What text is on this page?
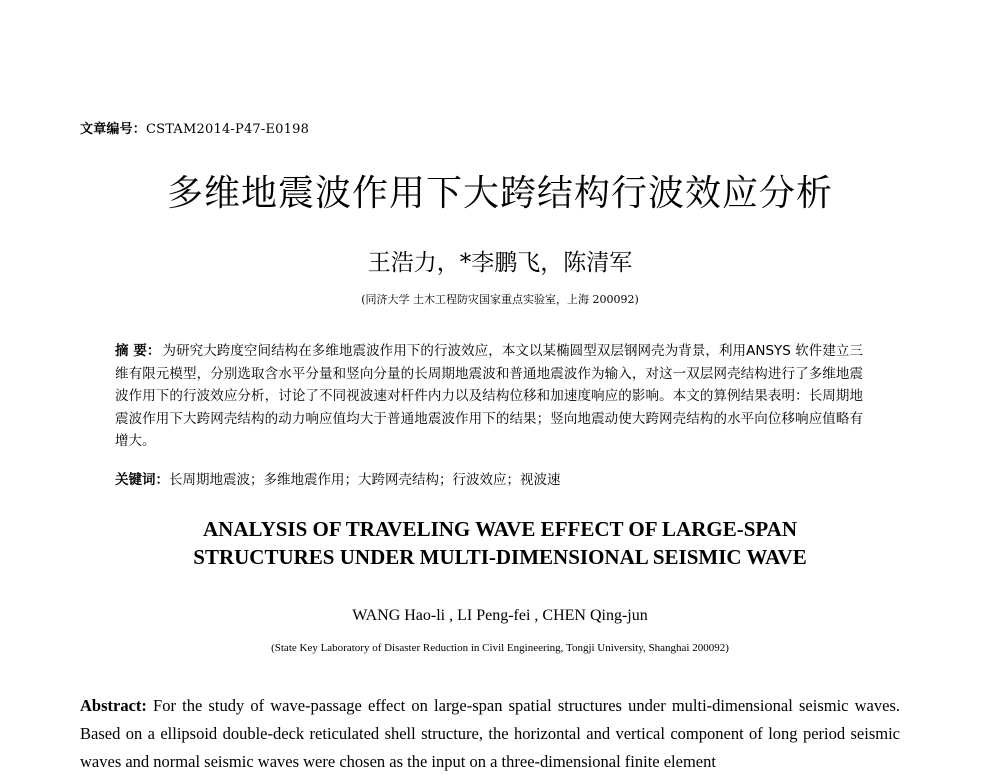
文章编号：CSTAM2014-P47-E0198
多维地震波作用下大跨结构行波效应分析
王浩力，*李鹏飞，陈清军
(同济大学 土木工程防灾国家重点实验室，上海 200092)
摘 要： 为研究大跨度空间结构在多维地震波作用下的行波效应，本文以某椭圆型双层钢网壳为背景，利用ANSYS 软件建立三维有限元模型，分别选取含水平分量和竖向分量的长周期地震波和普通地震波作为输入，对这一双层网壳结构进行了多维地震波作用下的行波效应分析，讨论了不同视波速对杆件内力以及结构位移和加速度响应的影响。本文的算例结果表明：长周期地震波作用下大跨网壳结构的动力响应值均大于普通地震波作用下的结果；竖向地震动使大跨网壳结构的水平向位移响应值略有增大。
关键词：长周期地震波；多维地震作用；大跨网壳结构；行波效应；视波速
ANALYSIS OF TRAVELING WAVE EFFECT OF LARGE-SPAN
STRUCTURES UNDER MULTI-DIMENSIONAL SEISMIC WAVE
WANG Hao-li , LI Peng-fei , CHEN Qing-jun
(State Key Laboratory of Disaster Reduction in Civil Engineering, Tongji University, Shanghai 200092)
Abstract: For the study of wave-passage effect on large-span spatial structures under multi-dimensional seismic waves. Based on a ellipsoid double-deck reticulated shell structure, the horizontal and vertical component of long period seismic waves and normal seismic waves were chosen as the input on a three-dimensional finite element
